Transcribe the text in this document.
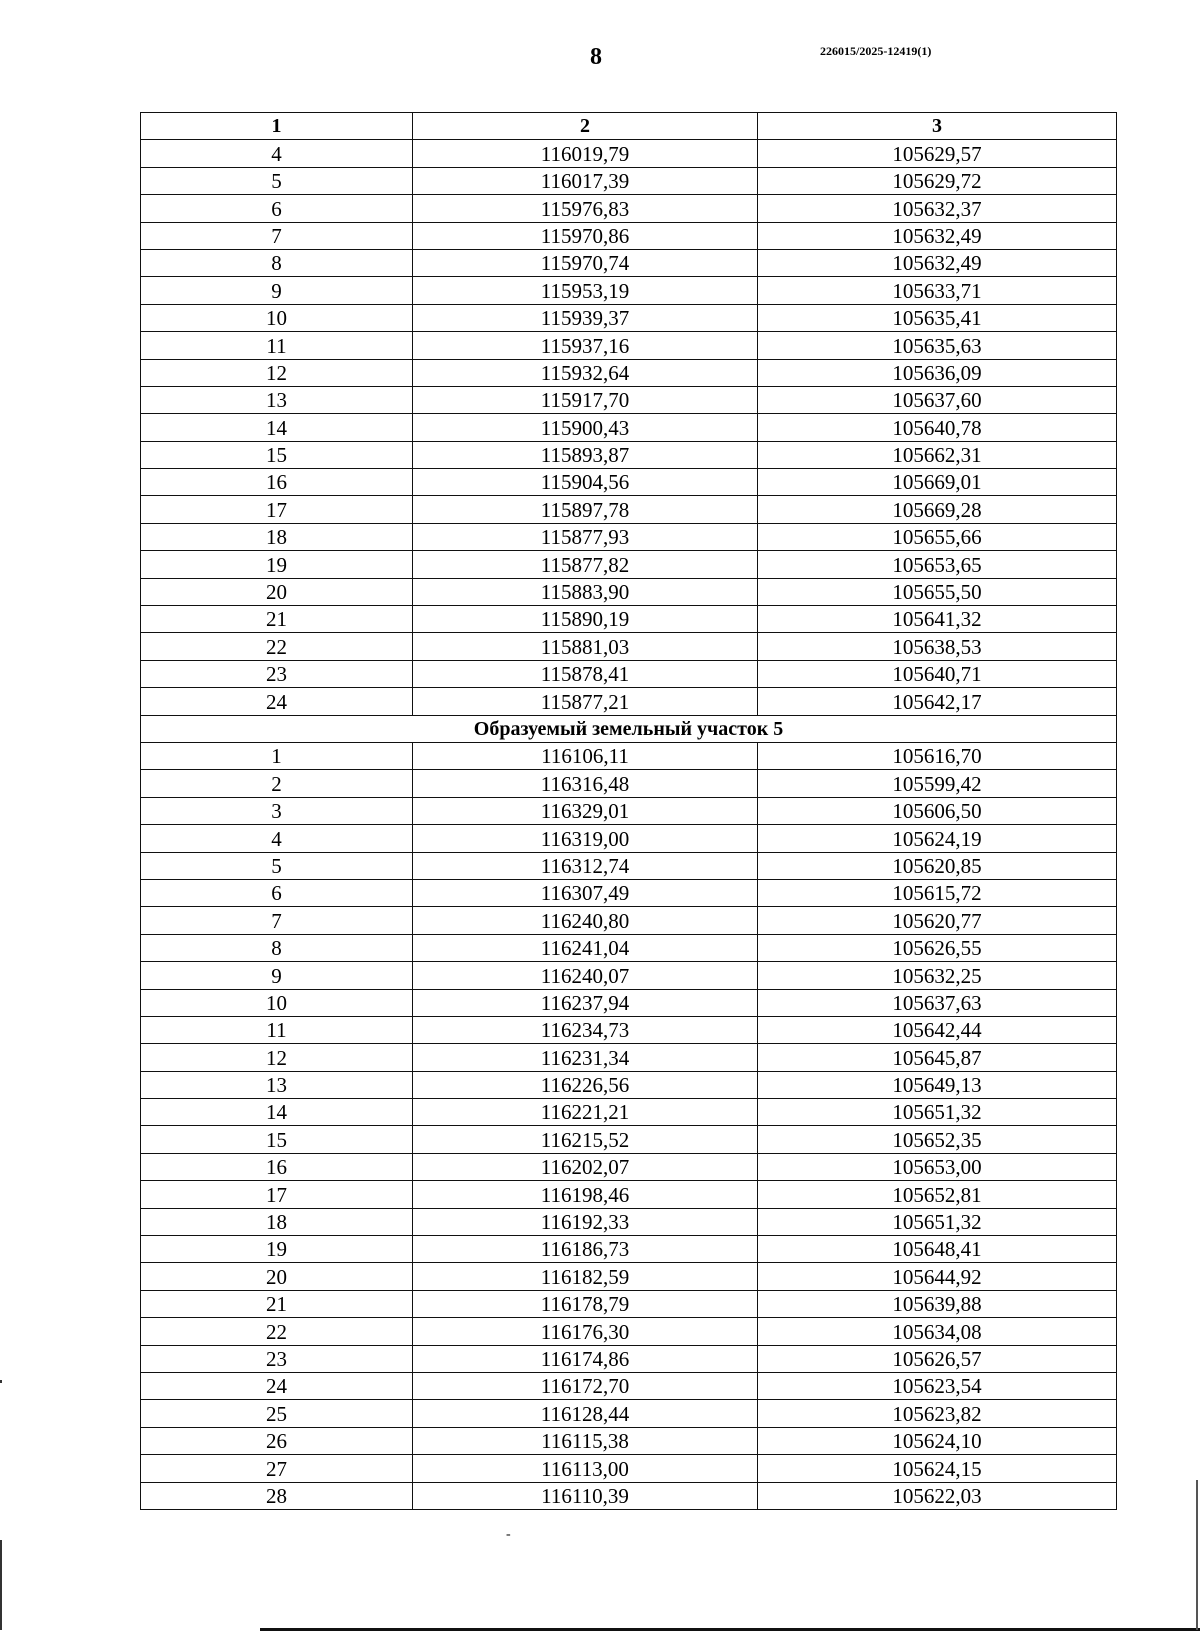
8	226015/2025-12419(1)
1	2	3
4	116019,79	105629,57
5	116017,39	105629,72
6	115976,83	105632,37
7	115970,86	105632,49
8	115970,74	105632,49
9	115953,19	105633,71
10	115939,37	105635,41
11	115937,16	105635,63
12	115932,64	105636,09
13	115917,70	105637,60
14	115900,43	105640,78
15	115893,87	105662,31
16	115904,56	105669,01
17	115897,78	105669,28
18	115877,93	105655,66
19	115877,82	105653,65
20	115883,90	105655,50
21	115890,19	105641,32
22	115881,03	105638,53
23	115878,41	105640,71
24	115877,21	105642,17
Образуемый земельный участок 5		
1	116106,11	105616,70
2	116316,48	105599,42
3	116329,01	105606,50
4	116319,00	105624,19
5	116312,74	105620,85
6	116307,49	105615,72
7	116240,80	105620,77
8	116241,04	105626,55
9	116240,07	105632,25
10	116237,94	105637,63
11	116234,73	105642,44
12	116231,34	105645,87
13	116226,56	105649,13
14	116221,21	105651,32
15	116215,52	105652,35
16	116202,07	105653,00
17	116198,46	105652,81
18	116192,33	105651,32
19	116186,73	105648,41
20	116182,59	105644,92
21	116178,79	105639,88
22	116176,30	105634,08
23	116174,86	105626,57
24	116172,70	105623,54
25	116128,44	105623,82
26	116115,38	105624,10
27	116113,00	105624,15
28	116110,39	105622,03
-
